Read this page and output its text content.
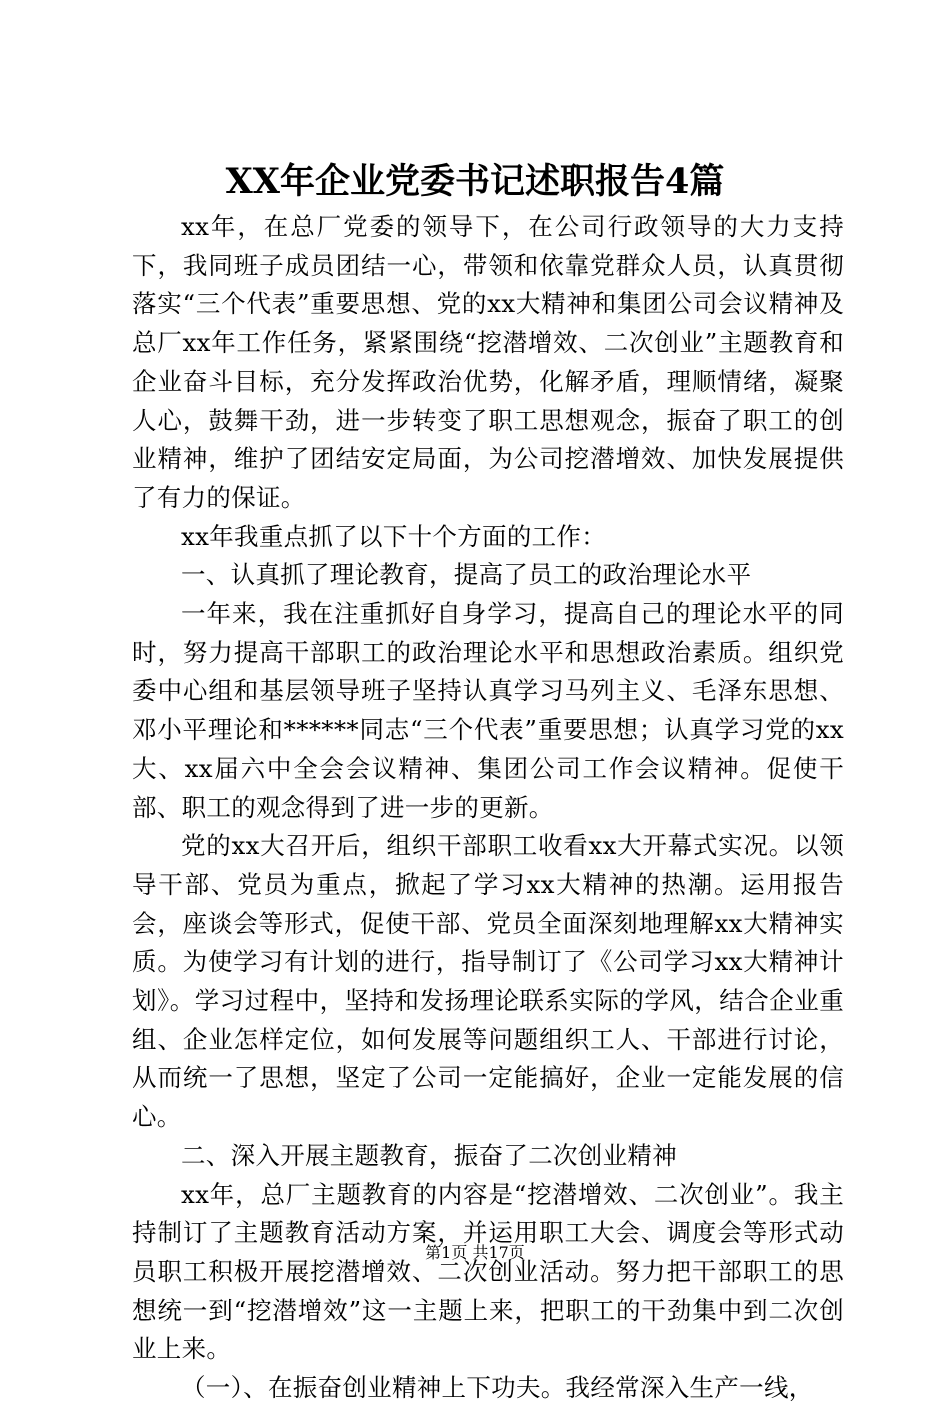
XX年企业党委书记述职报告4篇

xx年，在总厂党委的领导下，在公司行政领导的大力支持下，我同班子成员团结一心，带领和依靠党群众人员，认真贯彻落实“三个代表”重要思想、党的xx大精神和集团公司会议精神及总厂xx年工作任务，紧紧围绕“挖潜增效、二次创业”主题教育和企业奋斗目标，充分发挥政治优势，化解矛盾，理顺情绪，凝聚人心，鼓舞干劲，进一步转变了职工思想观念，振奋了职工的创业精神，维护了团结安定局面，为公司挖潜增效、加快发展提供了有力的保证。

xx年我重点抓了以下十个方面的工作：

一、认真抓了理论教育，提高了员工的政治理论水平

一年来，我在注重抓好自身学习，提高自己的理论水平的同时，努力提高干部职工的政治理论水平和思想政治素质。组织党委中心组和基层领导班子坚持认真学习马列主义、毛泽东思想、邓小平理论和******同志“三个代表”重要思想；认真学习党的xx大、xx届六中全会会议精神、集团公司工作会议精神。促使干部、职工的观念得到了进一步的更新。

党的xx大召开后，组织干部职工收看xx大开幕式实况。以领导干部、党员为重点，掀起了学习xx大精神的热潮。运用报告会，座谈会等形式，促使干部、党员全面深刻地理解xx大精神实质。为使学习有计划的进行，指导制订了《公司学习xx大精神计划》。学习过程中，坚持和发扬理论联系实际的学风，结合企业重组、企业怎样定位，如何发展等问题组织工人、干部进行讨论，从而统一了思想，坚定了公司一定能搞好，企业一定能发展的信心。

二、深入开展主题教育，振奋了二次创业精神

xx年，总厂主题教育的内容是“挖潜增效、二次创业”。我主持制订了主题教育活动方案，并运用职工大会、调度会等形式动员职工积极开展挖潜增效、二次创业活动。努力把干部职工的思想统一到“挖潜增效”这一主题上来，把职工的干劲集中到二次创业上来。

（一）、在振奋创业精神上下功夫。我经常深入生产一线，

第1页 共17页
